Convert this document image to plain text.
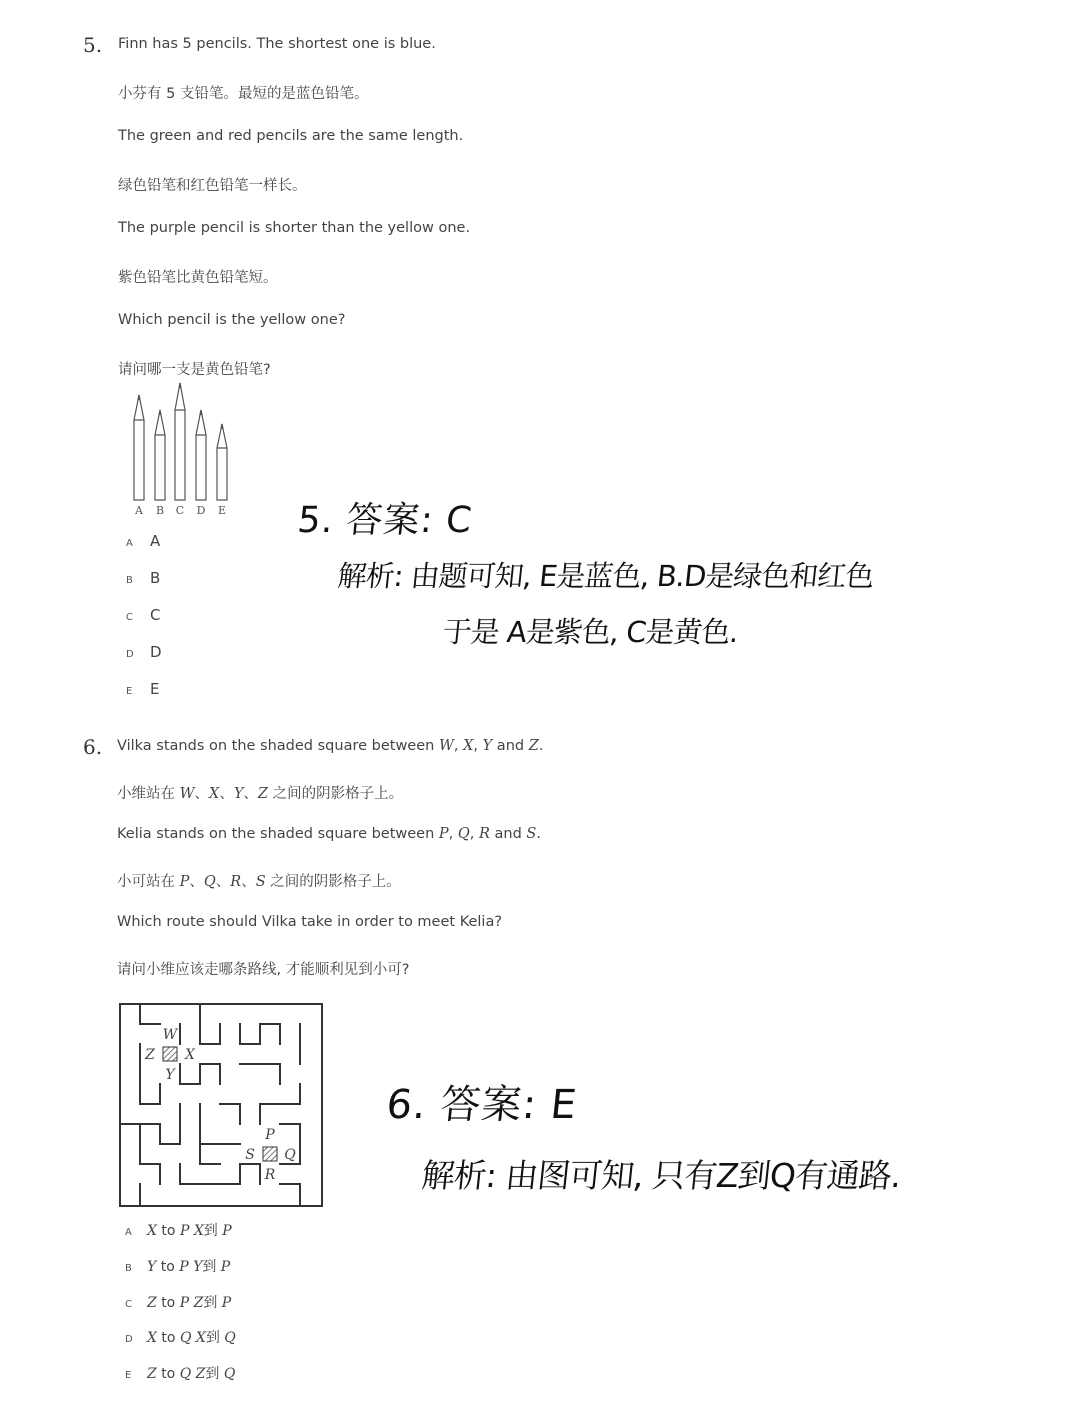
5. Finn has 5 pencils. The shortest one is blue.
小芬有 5 支铅笔。最短的是蓝色铅笔。
The green and red pencils are the same length.
绿色铅笔和红色铅笔一样长。
The purple pencil is shorter than the yellow one.
紫色铅笔比黄色铅笔短。
Which pencil is the yellow one?
请问哪一支是黄色铅笔?
A B C D E
A A
B B
C C
D D
E E
5. 答案: C
解析: 由题可知, E是蓝色, B.D是绿色和红色
于是 A是紫色, C是黄色.
6. Vilka stands on the shaded square between W, X, Y and Z.
小维站在 W、X、Y、Z 之间的阴影格子上。
Kelia stands on the shaded square between P, Q, R and S.
小可站在 P、Q、R、S 之间的阴影格子上。
Which route should Vilka take in order to meet Kelia?
请问小维应该走哪条路线, 才能顺利见到小可?
W
Z X
Y
P
S Q
R
A X to P X到 P
B Y to P Y到 P
C Z to P Z到 P
D X to Q X到 Q
E Z to Q Z到 Q
6. 答案: E
解析: 由图可知, 只有Z到Q有通路.
